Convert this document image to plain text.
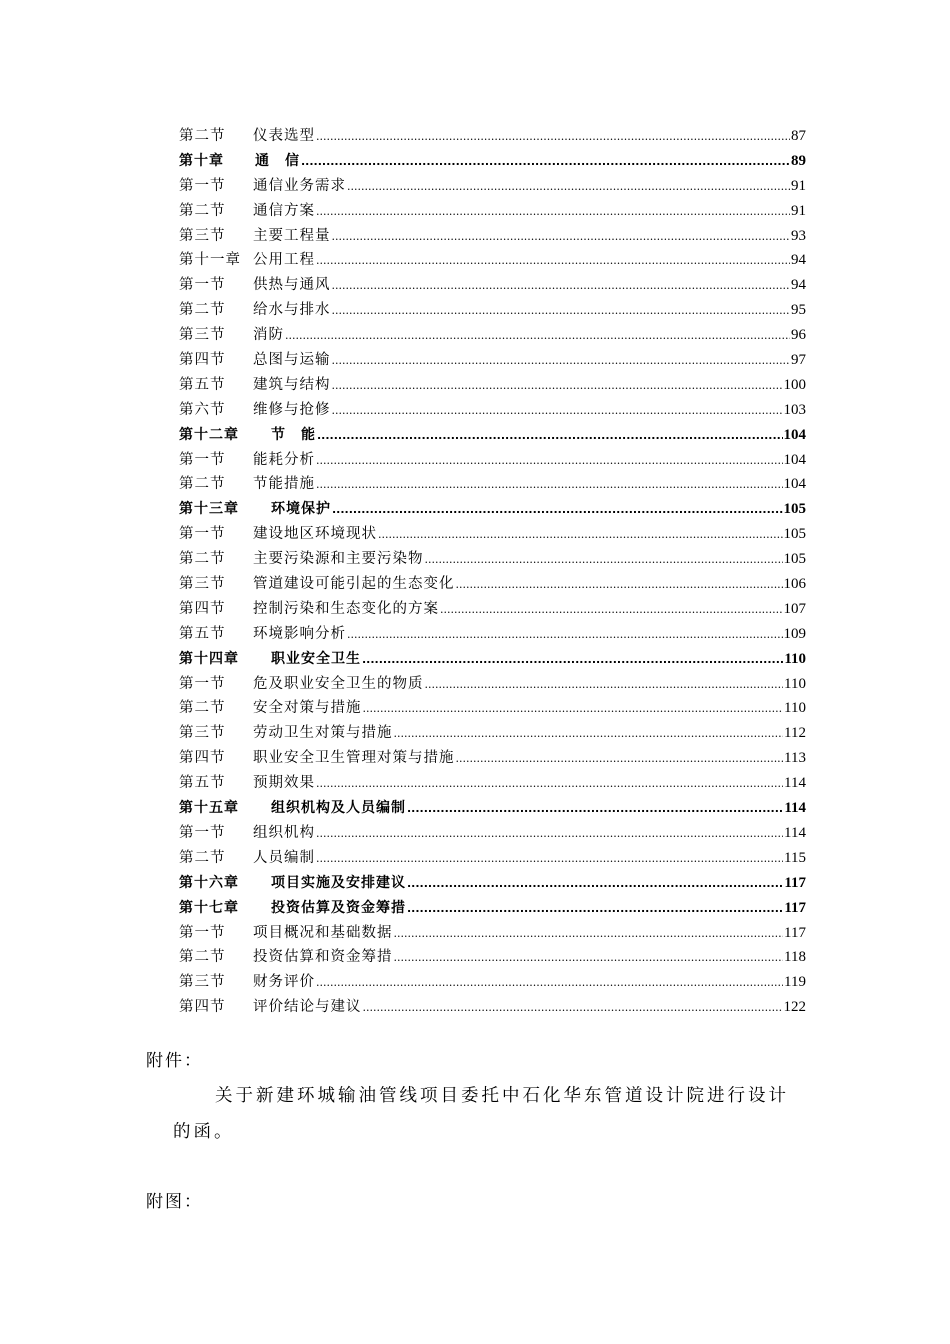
第二节	仪表选型 .....	87
第十章	通　信 .....	89
第一节	通信业务需求 .....	91
第二节	通信方案 .....	91
第三节	主要工程量 .....	93
第十一章 公用工程 .....	94
第一节	供热与通风 .....	94
第二节	给水与排水 .....	95
第三节	消防 .....	96
第四节	总图与运输 .....	97
第五节	建筑与结构 .....	100
第六节	维修与抢修 .....	103
第十二章	节　能 .....	104
第一节	能耗分析 .....	104
第二节	节能措施 .....	104
第十三章	环境保护 .....	105
第一节	建设地区环境现状 .....	105
第二节	主要污染源和主要污染物 .....	105
第三节	管道建设可能引起的生态变化 .....	106
第四节	控制污染和生态变化的方案 .....	107
第五节	环境影响分析 .....	109
第十四章	职业安全卫生 .....	110
第一节	危及职业安全卫生的物质 .....	110
第二节	安全对策与措施 .....	110
第三节	劳动卫生对策与措施 .....	112
第四节	职业安全卫生管理对策与措施 .....	113
第五节	预期效果 .....	114
第十五章	组织机构及人员编制 .....	114
第一节	组织机构 .....	114
第二节	人员编制 .....	115
第十六章	项目实施及安排建议 .....	117
第十七章	投资估算及资金筹措 .....	117
第一节	项目概况和基础数据 .....	117
第二节	投资估算和资金筹措 .....	118
第三节	财务评价 .....	119
第四节	评价结论与建议 .....	122
附件：
关于新建环城输油管线项目委托中石化华东管道设计院进行设计的函。
附图：
